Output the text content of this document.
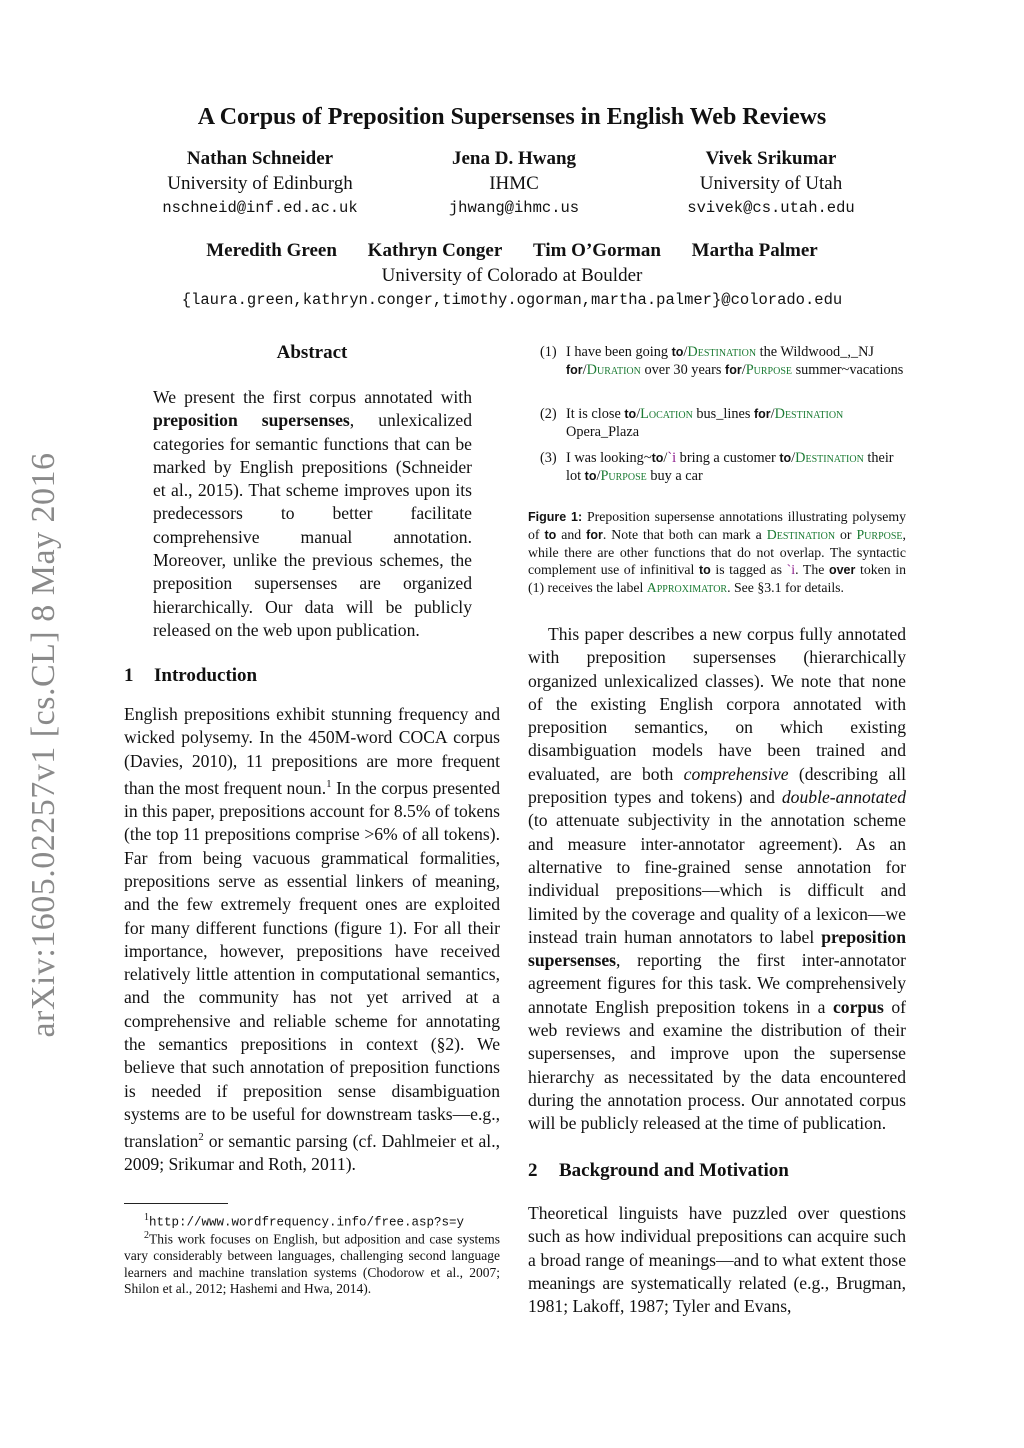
arXiv:1605.02257v1 [cs.CL] 8 May 2016
A Corpus of Preposition Supersenses in English Web Reviews
Nathan Schneider
University of Edinburgh
nschneid@inf.ed.ac.uk
Jena D. Hwang
IHMC
jhwang@ihmc.us
Vivek Srikumar
University of Utah
svivek@cs.utah.edu
Meredith Green Kathryn Conger Tim O’Gorman Martha Palmer
University of Colorado at Boulder
{laura.green,kathryn.conger,timothy.ogorman,martha.palmer}@colorado.edu
Abstract
We present the first corpus annotated with preposition supersenses, unlexicalized categories for semantic functions that can be marked by English prepositions (Schneider et al., 2015). That scheme improves upon its predecessors to better facilitate comprehensive manual annotation. Moreover, unlike the previous schemes, the preposition supersenses are organized hierarchically. Our data will be publicly released on the web upon publication.
1 Introduction
English prepositions exhibit stunning frequency and wicked polysemy. In the 450M-word COCA corpus (Davies, 2010), 11 prepositions are more frequent than the most frequent noun.$^1$ In the corpus presented in this paper, prepositions account for 8.5% of tokens (the top 11 prepositions comprise >6% of all tokens). Far from being vacuous grammatical formalities, prepositions serve as essential linkers of meaning, and the few extremely frequent ones are exploited for many different functions (figure 1). For all their importance, however, prepositions have received relatively little attention in computational semantics, and the community has not yet arrived at a comprehensive and reliable scheme for annotating the semantics prepositions in context (§2). We believe that such annotation of preposition functions is needed if preposition sense disambiguation systems are to be useful for downstream tasks—e.g., translation$^2$ or semantic parsing (cf. Dahlmeier et al., 2009; Srikumar and Roth, 2011).
$^1$http://www.wordfrequency.info/free.asp?s=y
$^2$This work focuses on English, but adposition and case systems vary considerably between languages, challenging second language learners and machine translation systems (Chodorow et al., 2007; Shilon et al., 2012; Hashemi and Hwa, 2014).
(1) I have been going to/Destination the Wildwood_,_NJ for/Duration over 30 years for/Purpose summer~vacations
(2) It is close to/Location bus_lines for/Destination Opera_Plaza
(3) I was looking~to/`i bring a customer to/Destination their lot to/Purpose buy a car
Figure 1: Preposition supersense annotations illustrating polysemy of to and for. Note that both can mark a Destination or Purpose, while there are other functions that do not overlap. The syntactic complement use of infinitival to is tagged as `i. The over token in (1) receives the label Approximator. See §3.1 for details.
This paper describes a new corpus fully annotated with preposition supersenses (hierarchically organized unlexicalized classes). We note that none of the existing English corpora annotated with preposition semantics, on which existing disambiguation models have been trained and evaluated, are both comprehensive (describing all preposition types and tokens) and double-annotated (to attenuate subjectivity in the annotation scheme and measure inter-annotator agreement). As an alternative to fine-grained sense annotation for individual prepositions—which is difficult and limited by the coverage and quality of a lexicon—we instead train human annotators to label preposition supersenses, reporting the first inter-annotator agreement figures for this task. We comprehensively annotate English preposition tokens in a corpus of web reviews and examine the distribution of their supersenses, and improve upon the supersense hierarchy as necessitated by the data encountered during the annotation process. Our annotated corpus will be publicly released at the time of publication.
2 Background and Motivation
Theoretical linguists have puzzled over questions such as how individual prepositions can acquire such a broad range of meanings—and to what extent those meanings are systematically related (e.g., Brugman, 1981; Lakoff, 1987; Tyler and Evans,
